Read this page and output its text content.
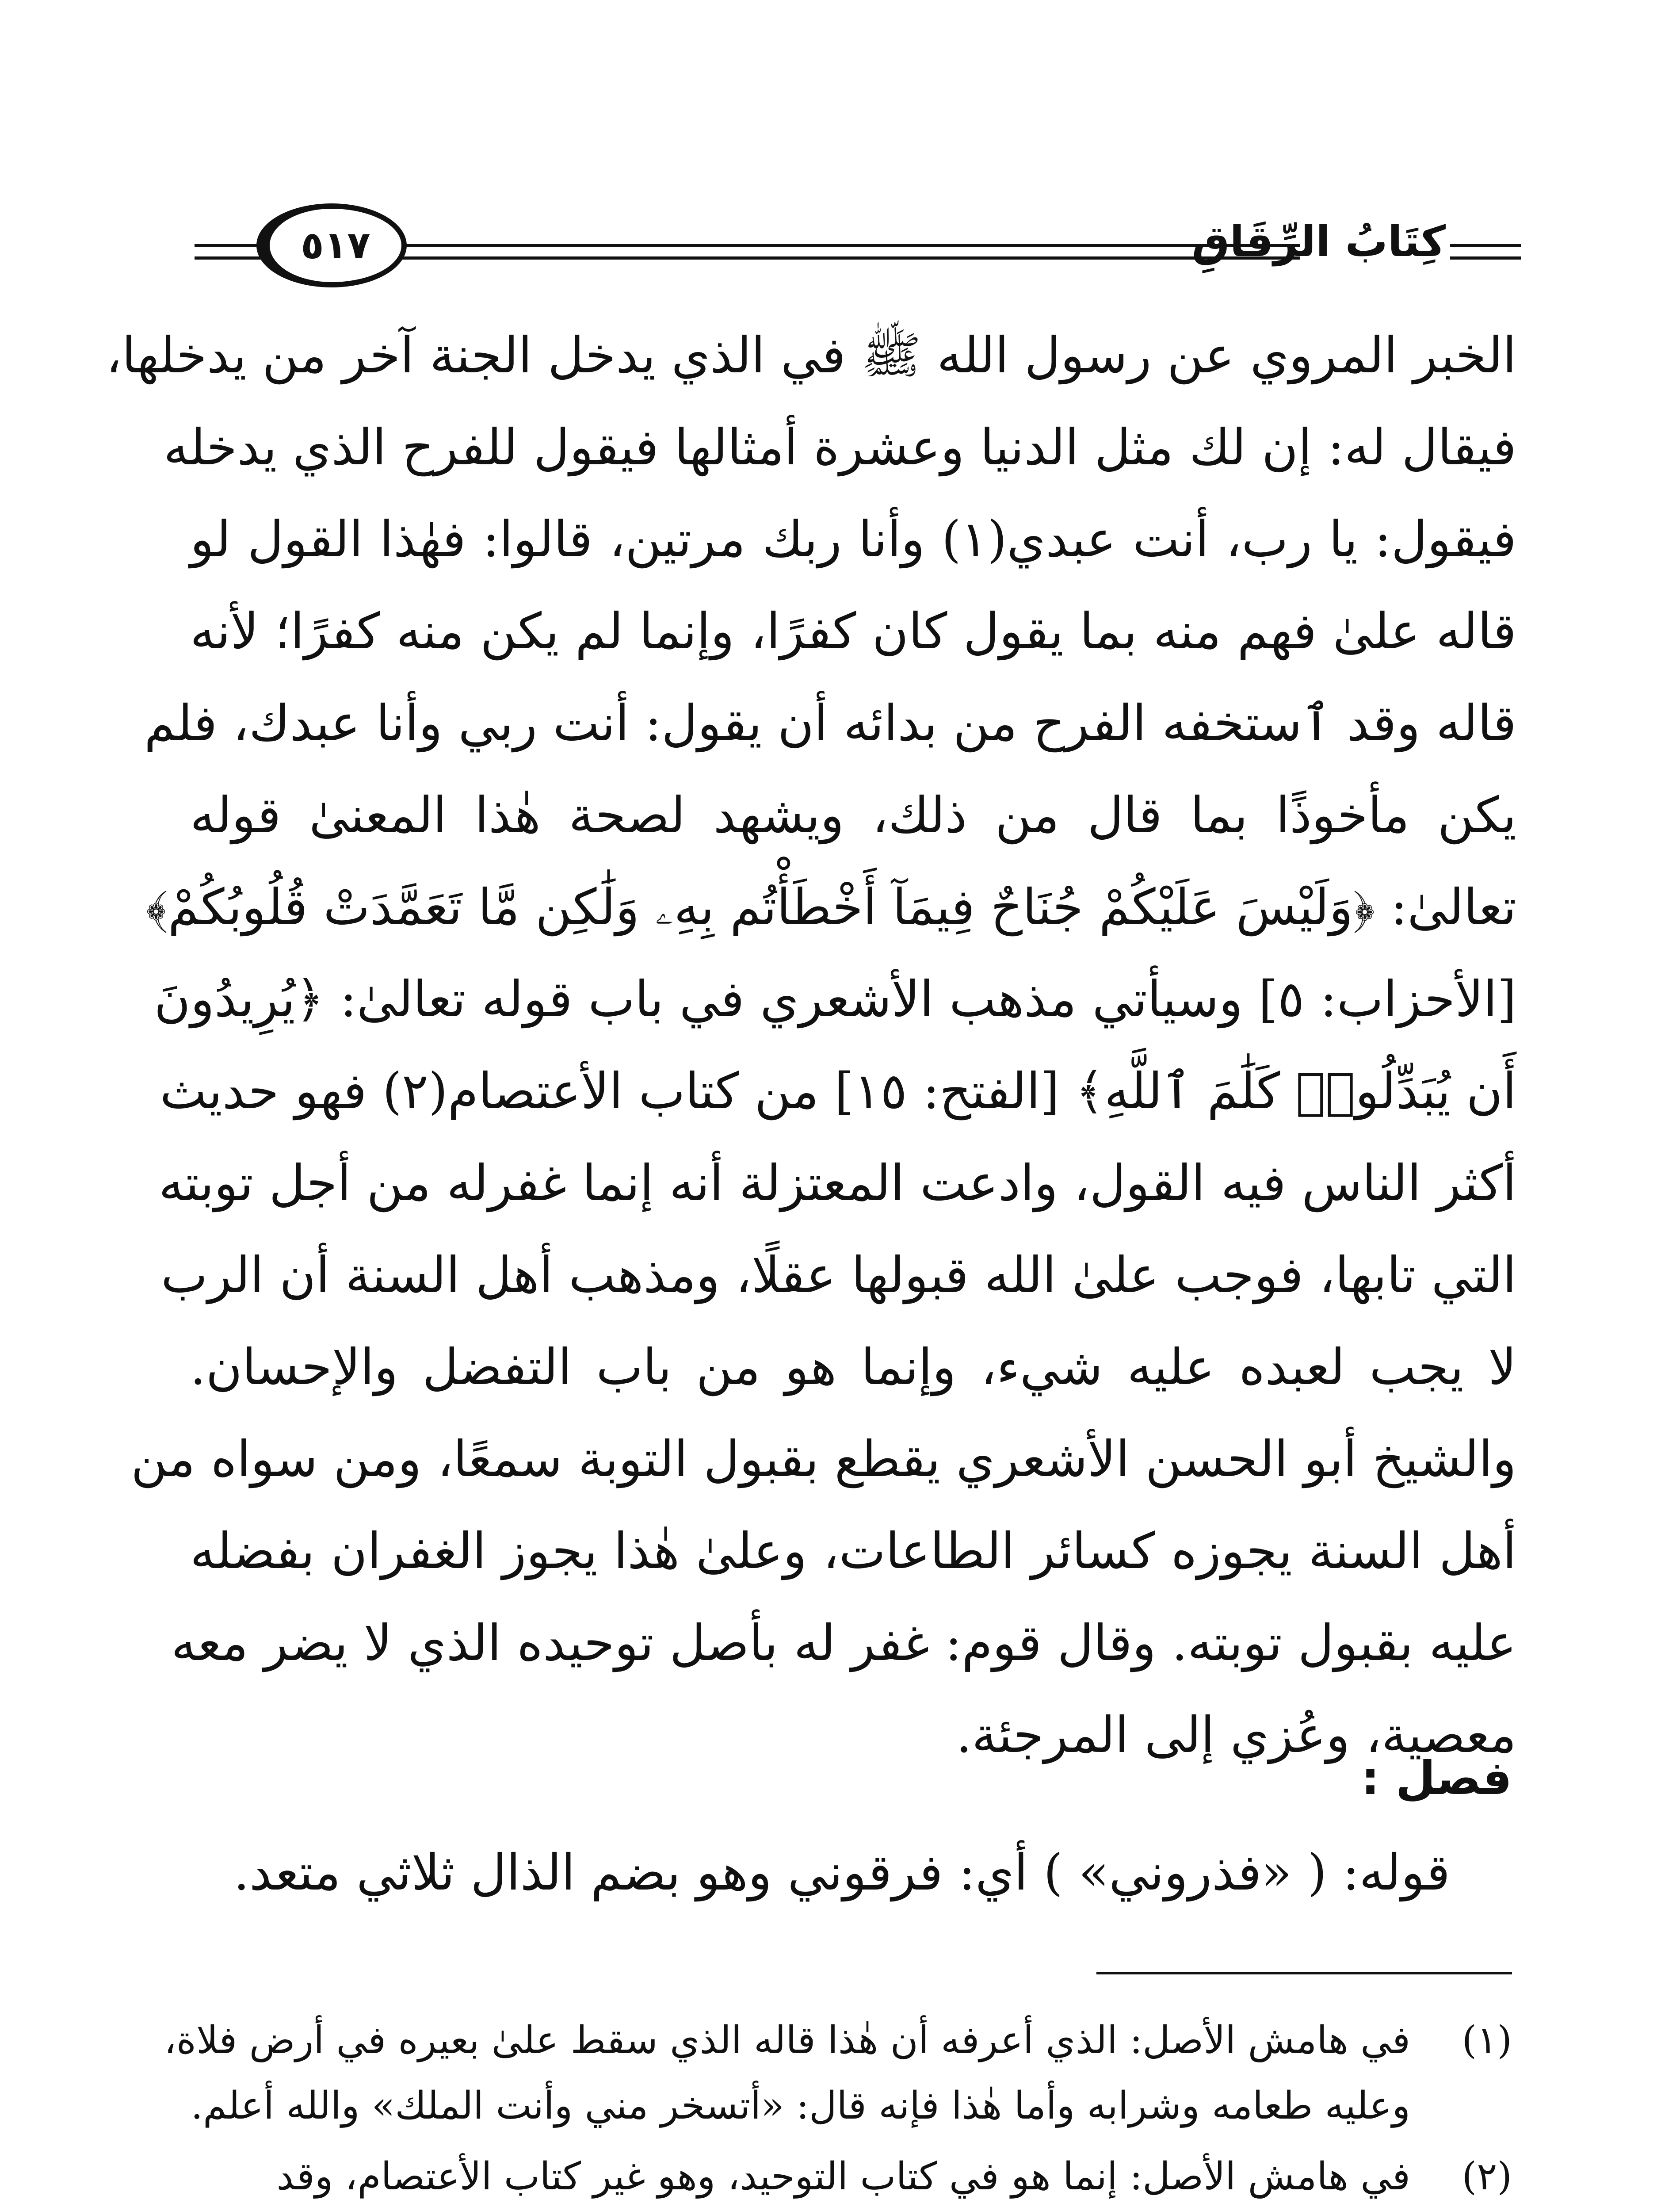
٥١٧	كِتَابُ الرِّقَاقِ
الخبر المروي عن رسول الله ﷺ في الذي يدخل الجنة آخر من يدخلها،
فيقال له: إن لك مثل الدنيا وعشرة أمثالها فيقول للفرح الذي يدخله
فيقول: يا رب، أنت عبدي(١) وأنا ربك مرتين، قالوا: فهٰذا القول لو
قاله علىٰ فهم منه بما يقول كان كفرًا، وإنما لم يكن منه كفرًا؛ لأنه
قاله وقد ٱستخفه الفرح من بدائه أن يقول: أنت ربي وأنا عبدك، فلم
يكن مأخوذًا بما قال من ذلك، ويشهد لصحة هٰذا المعنىٰ قوله
تعالىٰ: ﴿وَلَيْسَ عَلَيْكُمْ جُنَاحٌ فِيمَآ أَخْطَأْتُم بِهِۦ وَلَٰكِن مَّا تَعَمَّدَتْ قُلُوبُكُمْ﴾
[الأحزاب: ٥] وسيأتي مذهب الأشعري في باب قوله تعالىٰ: ﴿يُرِيدُونَ
أَن يُبَدِّلُوا۟ كَلَٰمَ ٱللَّهِ﴾ [الفتح: ١٥] من كتاب الأعتصام(٢) فهو حديث
أكثر الناس فيه القول، وادعت المعتزلة أنه إنما غفرله من أجل توبته
التي تابها، فوجب علىٰ الله قبولها عقلًا، ومذهب أهل السنة أن الرب
لا يجب لعبده عليه شيء، وإنما هو من باب التفضل والإحسان.
والشيخ أبو الحسن الأشعري يقطع بقبول التوبة سمعًا، ومن سواه من
أهل السنة يجوزه كسائر الطاعات، وعلىٰ هٰذا يجوز الغفران بفضله
عليه بقبول توبته. وقال قوم: غفر له بأصل توحيده الذي لا يضر معه
معصية، وعُزي إلى المرجئة.
فصل :
قوله: ( «فذروني» ) أي: فرقوني وهو بضم الذال ثلاثي متعد.
(١)
في هامش الأصل: الذي أعرفه أن هٰذا قاله الذي سقط علىٰ بعيره في أرض فلاة،
وعليه طعامه وشرابه وأما هٰذا فإنه قال: «أتسخر مني وأنت الملك» والله أعلم.
(٢)
في هامش الأصل: إنما هو في كتاب التوحيد، وهو غير كتاب الأعتصام، وقد
